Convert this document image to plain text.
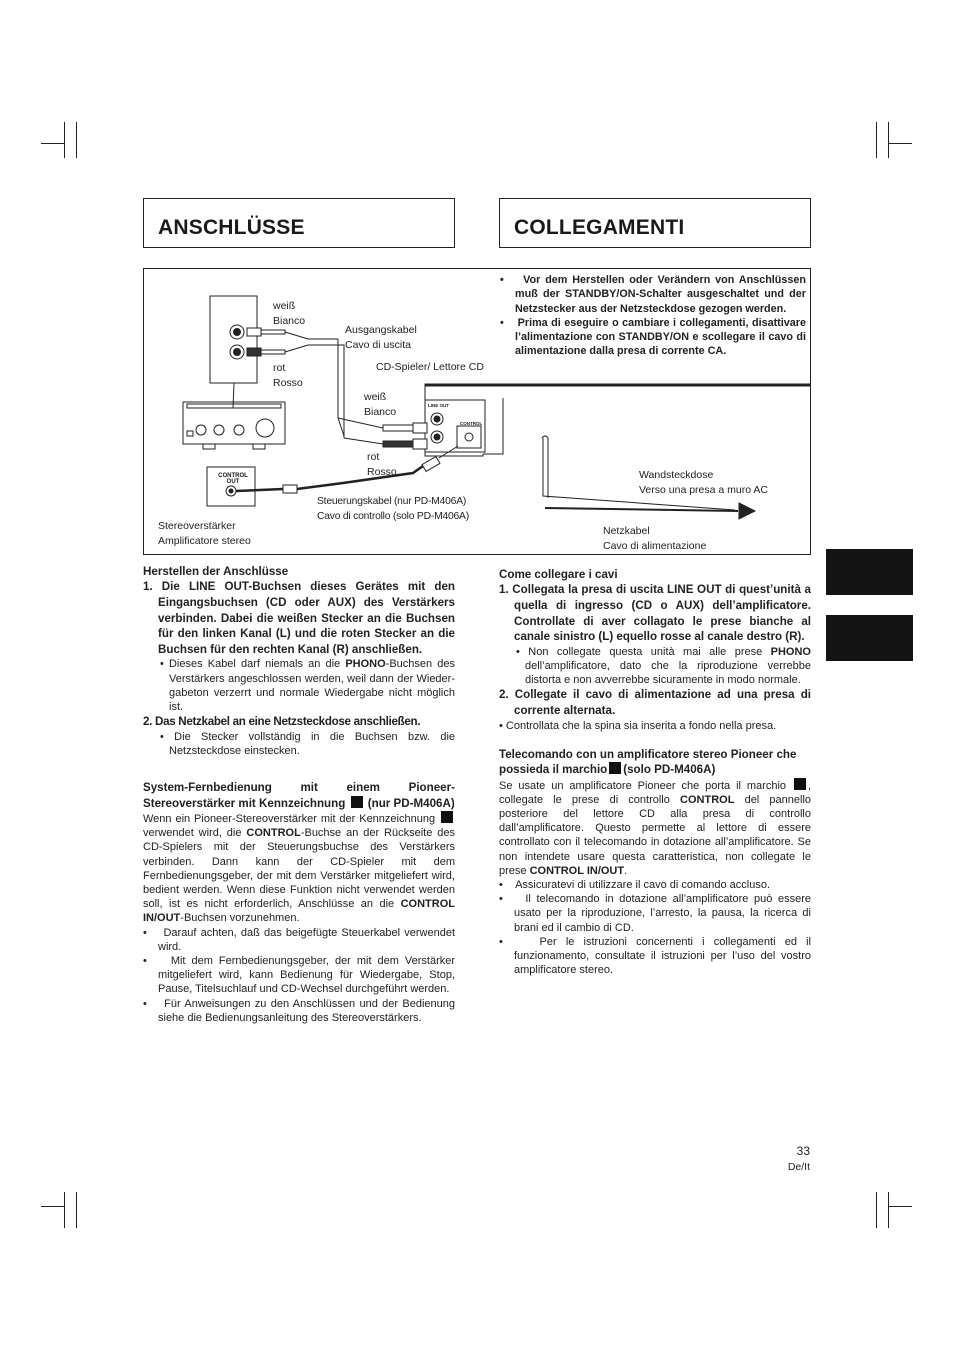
ANSCHLÜSSE	COLLEGAMENTI
weiß
Bianco
rot
Rosso
Ausgangskabel
Cavo di uscita
CD-Spieler/ Lettore CD
weiß
Bianco
rot
Rosso
CONTROL
OUT
LINE OUT
CONTROL
Steuerungskabel (nur PD-M406A)
Cavo di controllo (solo PD-M406A)
Stereoverstärker
Amplificatore stereo
Wandsteckdose
Verso una presa a muro AC
Netzkabel
Cavo di alimentazione

•    Vor dem Herstellen oder Verändern von Anschlüssen muß der STANDBY/ON-Schalter ausgeschaltet und der Netzstecker aus der Netzsteckdose gezogen werden.

•    Prima di eseguire o cambiare i collegamenti, disattivare l’alimentazione con STANDBY/ON e scollegare il cavo di alimentazione dalla presa di corrente CA.

Herstellen der Anschlüsse

1. Die LINE OUT-Buchsen dieses Gerätes mit den Eingangsbuchsen (CD oder AUX) des Verstärkers verbinden. Dabei die weißen Stecker an die Buchsen für den linken Kanal (L) und die roten Stecker an die Buchsen für den rechten Kanal (R) anschließen.

• Dieses Kabel darf niemals an die PHONO-Buchsen des Verstärkers angeschlossen werden, weil dann der Wieder-gabeton verzerrt und normale Wiedergabe nicht möglich ist.

2. Das Netzkabel an eine Netzsteckdose anschließen.

• Die Stecker vollständig in die Buchsen bzw. die Netzsteckdose einstecken.

System-Fernbedienung mit einem Pioneer-Stereoverstärker mit Kennzeichnung (nur PD-M406A)

Wenn ein Pioneer-Stereoverstärker mit der Kennzeichnung  verwendet wird, die CONTROL-Buchse an der Rückseite des CD-Spielers mit der Steuerungsbuchse des Verstärkers verbinden. Dann kann der CD-Spieler mit dem Fernbedienungsgeber, der mit dem Verstärker mitgeliefert wird, bedient werden. Wenn diese Funktion nicht verwendet werden soll, ist es nicht erforderlich, Anschlüsse an die CONTROL IN/OUT-Buchsen vorzunehmen.

•    Darauf achten, daß das beigefügte Steuerkabel verwendet wird.

•    Mit dem Fernbedienungsgeber, der mit dem Verstärker mitgeliefert wird, kann Bedienung für Wiedergabe, Stop, Pause, Titelsuchlauf und CD-Wechsel durchgeführt werden.

•    Für Anweisungen zu den Anschlüssen und der Bedienung siehe die Bedienungsanleitung des Stereoverstärkers.

Come collegare i cavi

1. Collegata la presa di uscita LINE OUT di quest’unità a quella di ingresso (CD o AUX) dell’amplificatore. Controllate di aver collagato le prese bianche al canale sinistro (L) equello rosse al canale destro (R).

• Non collegate questa unità mai alle prese PHONO dell’amplificatore, dato che la riproduzione verrebbe distorta e non avverrebbe sicuramente in modo normale.

2. Collegate il cavo di alimentazione ad una presa di corrente alternata.

• Controllata che la spina sia inserita a fondo nella presa.

Telecomando con un amplificatore stereo Pioneer che possieda il marchio (solo PD-M406A)

Se usate un amplificatore Pioneer che porta il marchio , collegate le prese di controllo CONTROL del pannello posteriore del lettore CD alla presa di controllo dall’amplificatore. Questo permette al lettore di essere controllato con il telecomando in dotazione all’amplificatore. Se non intendete usare questa caratteristica, non collegate le prese CONTROL IN/OUT.

•    Assicuratevi di utilizzare il cavo di comando accluso.

•    Il telecomando in dotazione all’amplificatore può essere usato per la riproduzione, l’arresto, la pausa, la ricerca di brani ed il cambio di CD.

•    Per le istruzioni concernenti i collegamenti ed il funzionamento, consultate il istruzioni per l’uso del vostro amplificatore stereo.

33
De/It
